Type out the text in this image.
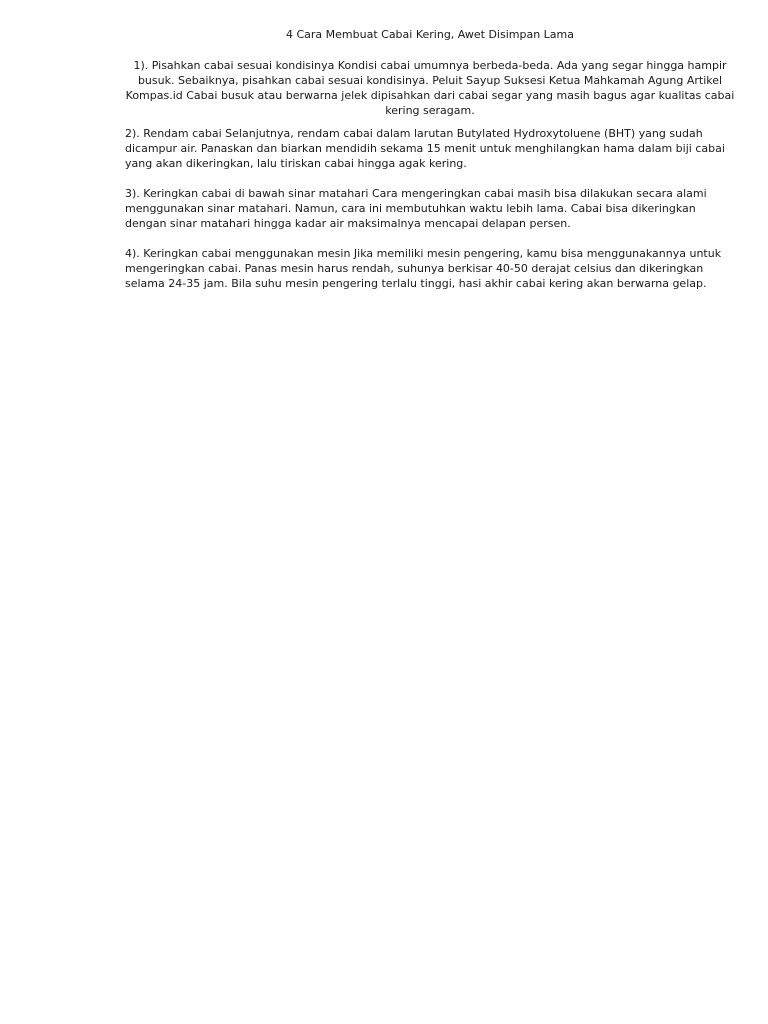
4 Cara Membuat Cabai Kering, Awet Disimpan Lama

1). Pisahkan cabai sesuai kondisinya Kondisi cabai umumnya berbeda-beda. Ada yang segar hingga hampir busuk. Sebaiknya, pisahkan cabai sesuai kondisinya. Peluit Sayup Suksesi Ketua Mahkamah Agung Artikel Kompas.id Cabai busuk atau berwarna jelek dipisahkan dari cabai segar yang masih bagus agar kualitas cabai kering seragam.

2). Rendam cabai Selanjutnya, rendam cabai dalam larutan Butylated Hydroxytoluene (BHT) yang sudah dicampur air. Panaskan dan biarkan mendidih sekama 15 menit untuk menghilangkan hama dalam biji cabai yang akan dikeringkan, lalu tiriskan cabai hingga agak kering.

3). Keringkan cabai di bawah sinar matahari Cara mengeringkan cabai masih bisa dilakukan secara alami menggunakan sinar matahari. Namun, cara ini membutuhkan waktu lebih lama. Cabai bisa dikeringkan dengan sinar matahari hingga kadar air maksimalnya mencapai delapan persen.

4). Keringkan cabai menggunakan mesin Jika memiliki mesin pengering, kamu bisa menggunakannya untuk mengeringkan cabai. Panas mesin harus rendah, suhunya berkisar 40-50 derajat celsius dan dikeringkan selama 24-35 jam. Bila suhu mesin pengering terlalu tinggi, hasi akhir cabai kering akan berwarna gelap.
